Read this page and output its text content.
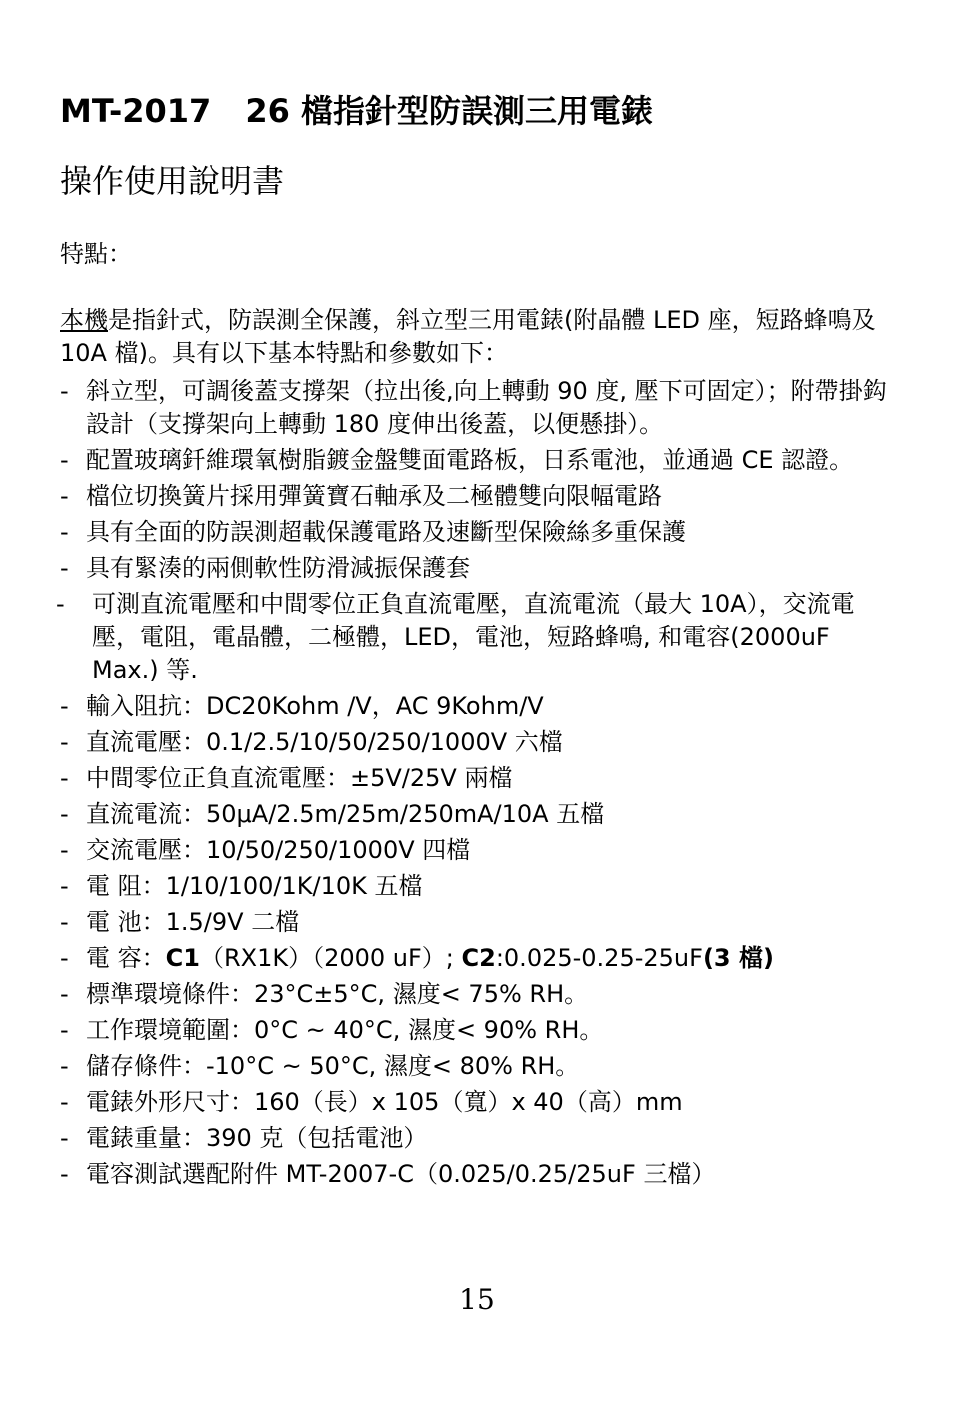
MT-2017 26 檔指針型防誤測三用電錶
操作使用說明書
特點：
本機是指針式，防誤測全保護，斜立型三用電錶(附晶體 LED 座，短路蜂鳴及 10A 檔)。具有以下基本特點和參數如下：
- 斜立型，可調後蓋支撐架（拉出後,向上轉動 90 度, 壓下可固定）；附帶掛鈎設計（支撐架向上轉動 180 度伸出後蓋，以便懸掛）。
- 配置玻璃釺維環氧樹脂鍍金盤雙面電路板，日系電池，並通過 CE 認證。
- 檔位切換簧片採用彈簧寶石軸承及二極體雙向限幅電路
- 具有全面的防誤測超載保護電路及速斷型保險絲多重保護
- 具有緊湊的兩側軟性防滑減振保護套
- 可測直流電壓和中間零位正負直流電壓，直流電流（最大 10A），交流電壓，電阻，電晶體，二極體，LED，電池，短路蜂鳴, 和電容(2000uF Max.) 等.
- 輸入阻抗：DC20Kohm /V，AC 9Kohm/V
- 直流電壓：0.1/2.5/10/50/250/1000V 六檔
- 中間零位正負直流電壓：±5V/25V 兩檔
- 直流電流：50μA/2.5m/25m/250mA/10A 五檔
- 交流電壓：10/50/250/1000V 四檔
- 電 阻：1/10/100/1K/10K 五檔
- 電 池：1.5/9V 二檔
- 電 容：C1（RX1K）（2000 uF）; C2:0.025-0.25-25uF(3 檔)
- 標準環境條件：23°C±5°C, 濕度< 75% RH。
- 工作環境範圍：0°C ~ 40°C, 濕度< 90% RH。
- 儲存條件：-10°C ~ 50°C, 濕度< 80% RH。
- 電錶外形尺寸：160（長）x 105（寬）x 40（高）mm
- 電錶重量：390 克（包括電池）
- 電容測試選配附件 MT-2007-C（0.025/0.25/25uF 三檔）
15
